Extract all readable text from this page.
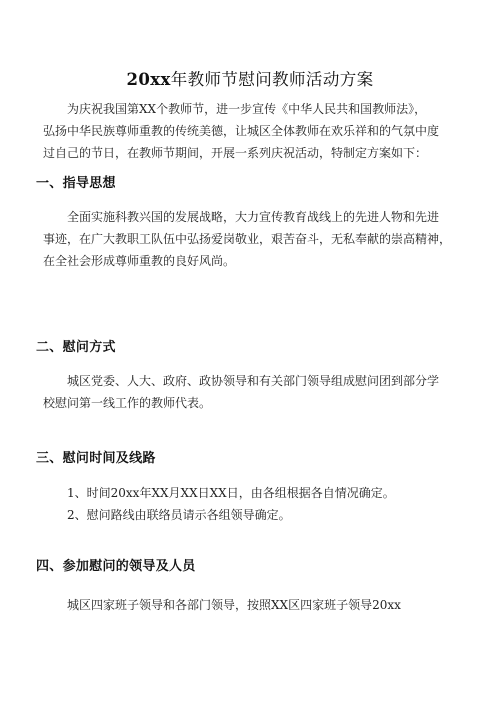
20xx年教师节慰问教师活动方案
为庆祝我国第XX个教师节，进一步宣传《中华人民共和国教师法》，
弘扬中华民族尊师重教的传统美德，让城区全体教师在欢乐祥和的气氛中度
过自己的节日，在教师节期间，开展一系列庆祝活动，特制定方案如下：
一、指导思想
全面实施科教兴国的发展战略，大力宣传教育战线上的先进人物和先进
事迹，在广大教职工队伍中弘扬爱岗敬业，艰苦奋斗，无私奉献的崇高精神，
在全社会形成尊师重教的良好风尚。
二、慰问方式
城区党委、人大、政府、政协领导和有关部门领导组成慰问团到部分学
校慰问第一线工作的教师代表。
三、慰问时间及线路
1、时间20xx年XX月XX日XX日，由各组根据各自情况确定。
2、慰问路线由联络员请示各组领导确定。
四、参加慰问的领导及人员
城区四家班子领导和各部门领导，按照XX区四家班子领导20xx
